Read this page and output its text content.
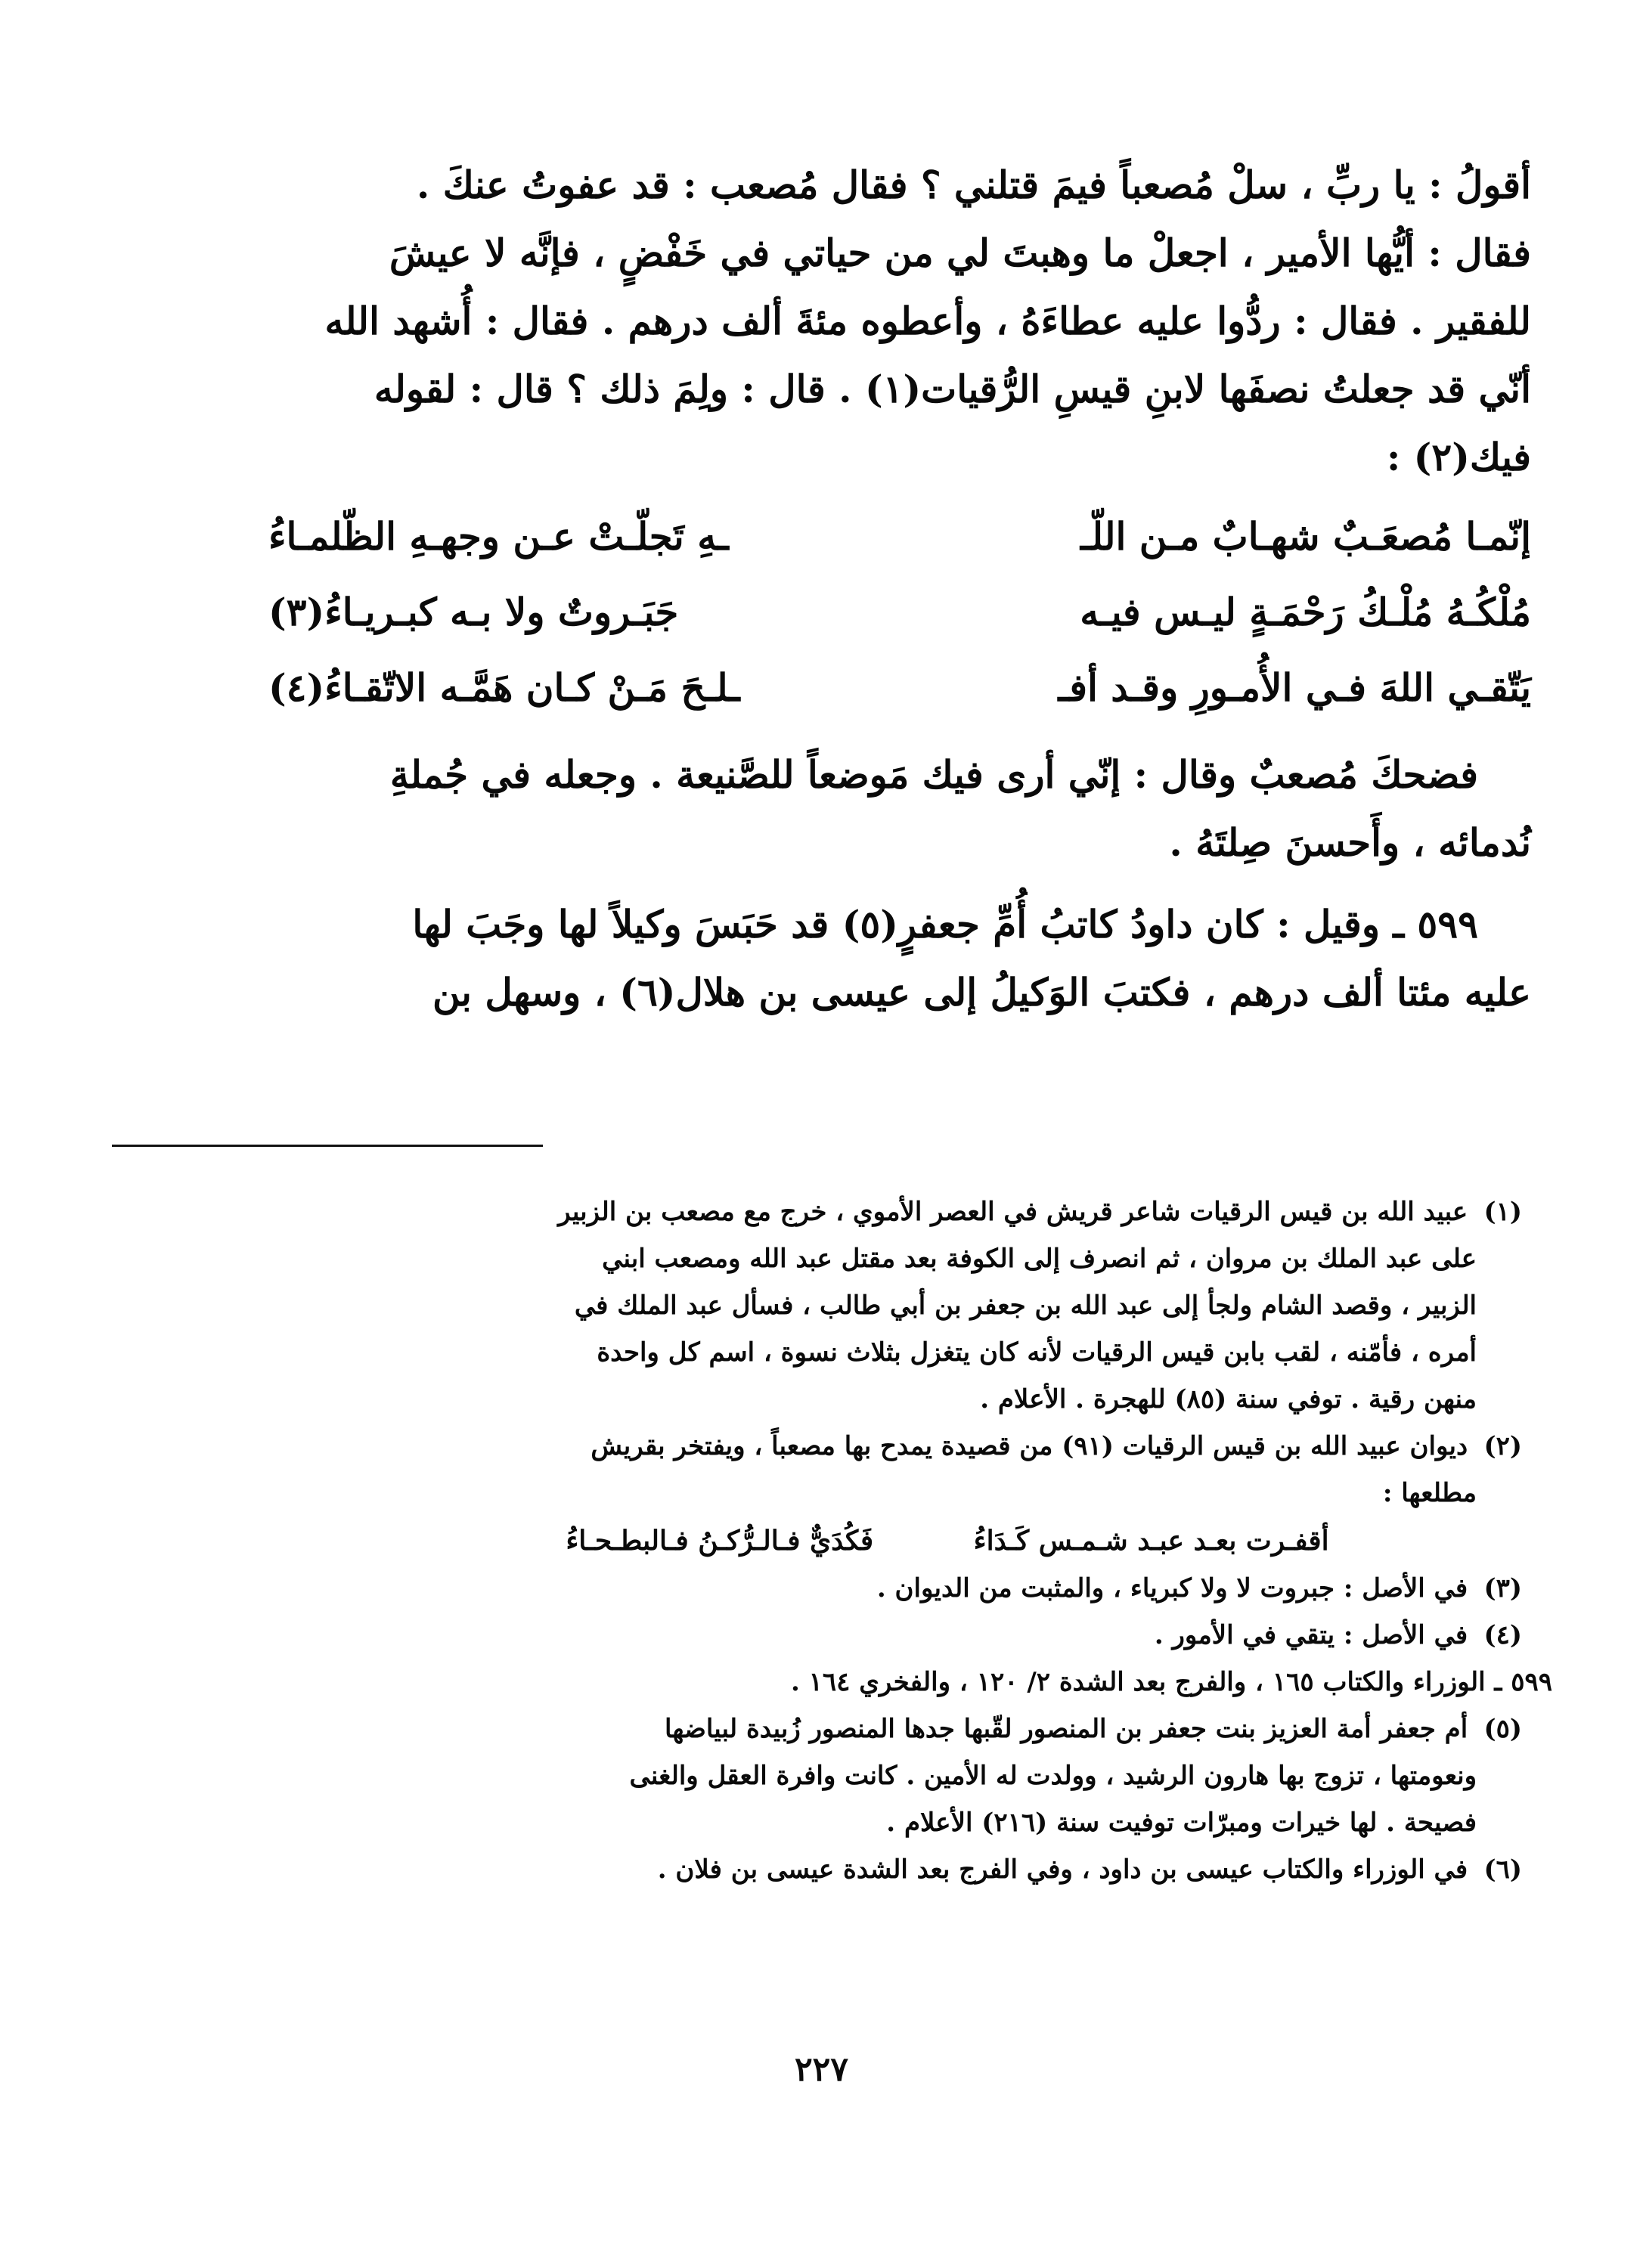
أقولُ : يا ربِّ ، سلْ مُصعباً فيمَ قتلني ؟ فقال مُصعب : قد عفوتُ عنكَ .
فقال : أيُّها الأمير ، اجعلْ ما وهبتَ لي من حياتي في خَفْضٍ ، فإنَّه لا عيشَ
للفقير . فقال : ردُّوا عليه عطاءَهُ ، وأعطوه مئةَ ألف درهم . فقال : أُشهد الله
أنّي قد جعلتُ نصفَها لابنِ قيسِ الرُّقيات(١) . قال : ولِمَ ذلك ؟ قال : لقوله
فيك(٢) :
إنّمـا مُصعَـبٌ شهـابٌ مـن اللّـ
ـهِ تَجلّـتْ عـن وجهـهِ الظّلمـاءُ
مُلْكُـهُ مُلْـكُ رَحْمَـةٍ ليـس فيـه
جَبَـروتٌ ولا بـه كبـريـاءُ(٣)
يَتّقـي اللهَ فـي الأُمـورِ وقـد أفـ
ـلـحَ مَـنْ كـان هَمَّـه الاتّقـاءُ(٤)
فضحكَ مُصعبٌ وقال : إنّي أرى فيك مَوضعاً للصَّنيعة . وجعله في جُملةِ
نُدمائه ، وأَحسنَ صِلتَهُ .
٥٩٩ ـ وقيل : كان داودُ كاتبُ أُمِّ جعفرٍ(٥) قد حَبَسَ وكيلاً لها وجَبَ لها
عليه مئتا ألف درهم ، فكتبَ الوَكيلُ إلى عيسى بن هلال(٦) ، وسهل بن
(١) عبيد الله بن قيس الرقيات شاعر قريش في العصر الأموي ، خرج مع مصعب بن الزبير
على عبد الملك بن مروان ، ثم انصرف إلى الكوفة بعد مقتل عبد الله ومصعب ابني
الزبير ، وقصد الشام ولجأ إلى عبد الله بن جعفر بن أبي طالب ، فسأل عبد الملك في
أمره ، فأمّنه ، لقب بابن قيس الرقيات لأنه كان يتغزل بثلاث نسوة ، اسم كل واحدة
منهن رقية . توفي سنة (٨٥) للهجرة . الأعلام .
(٢) ديوان عبيد الله بن قيس الرقيات (٩١) من قصيدة يمدح بها مصعباً ، ويفتخر بقريش
مطلعها :
أقفـرت بعـد عبـد شـمـس كَـدَاءُ فَكُدَيٌّ فـالـرُّكـنُ فـالبطـحـاءُ
(٣) في الأصل : جبروت لا ولا كبرياء ، والمثبت من الديوان .
(٤) في الأصل : يتقي في الأمور .
٥٩٩ ـ الوزراء والكتاب ١٦٥ ، والفرج بعد الشدة ٢/ ١٢٠ ، والفخري ١٦٤ .
(٥) أم جعفر أمة العزيز بنت جعفر بن المنصور لقّبها جدها المنصور زُبيدة لبياضها
ونعومتها ، تزوج بها هارون الرشيد ، وولدت له الأمين . كانت وافرة العقل والغنى
فصيحة . لها خيرات ومبرّات توفيت سنة (٢١٦) الأعلام .
(٦) في الوزراء والكتاب عيسى بن داود ، وفي الفرج بعد الشدة عيسى بن فلان .
٢٢٧
